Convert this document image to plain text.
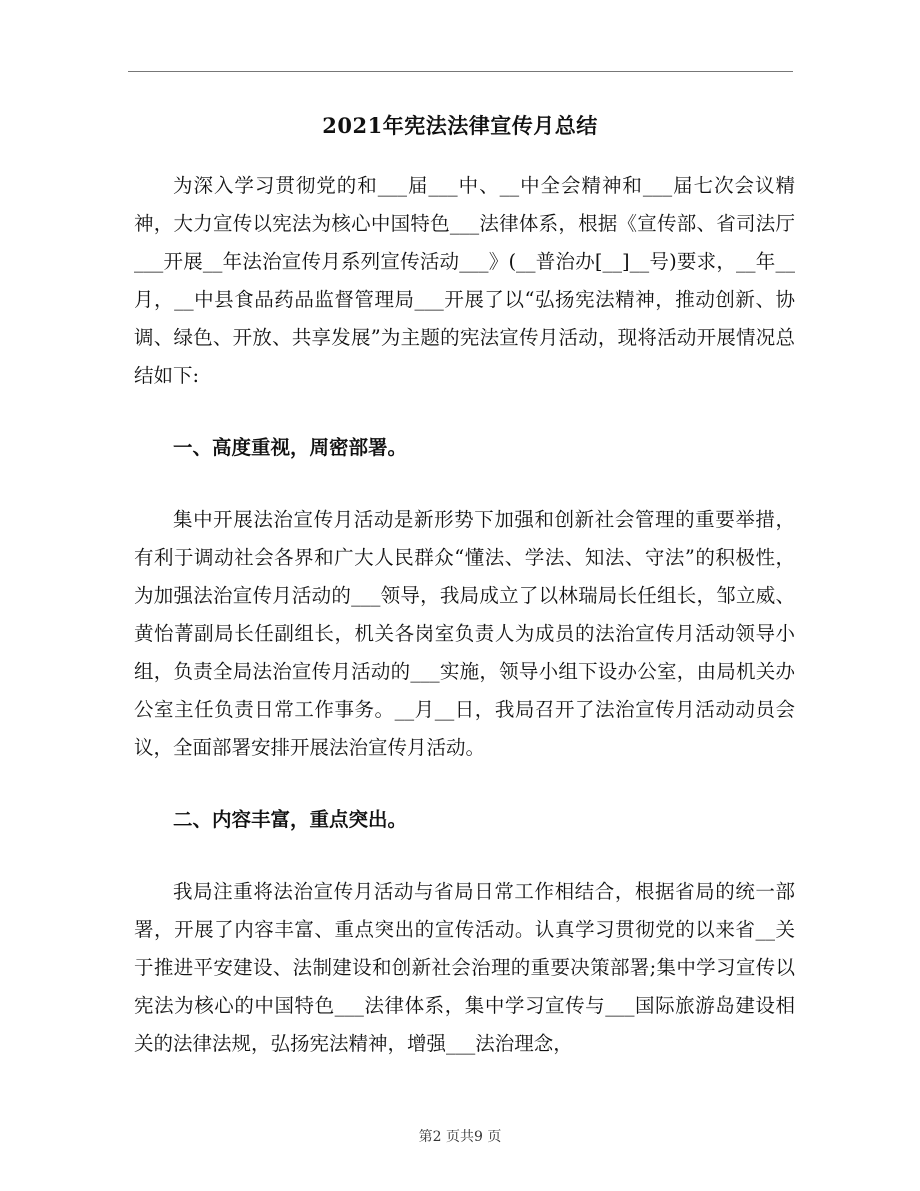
2021年宪法法律宣传月总结

为深入学习贯彻党的和___届___中、__中全会精神和___届七次会议精神，大力宣传以宪法为核心中国特色___法律体系，根据《宣传部、省司法厅___开展__年法治宣传月系列宣传活动___》(__普治办[__]__号)要求，__年__月，__中县食品药品监督管理局___开展了以“弘扬宪法精神，推动创新、协调、绿色、开放、共享发展”为主题的宪法宣传月活动，现将活动开展情况总结如下:

一、高度重视，周密部署。

集中开展法治宣传月活动是新形势下加强和创新社会管理的重要举措，有利于调动社会各界和广大人民群众“懂法、学法、知法、守法”的积极性，为加强法治宣传月活动的___领导，我局成立了以林瑞局长任组长，邹立威、黄怡菁副局长任副组长，机关各岗室负责人为成员的法治宣传月活动领导小组，负责全局法治宣传月活动的___实施，领导小组下设办公室，由局机关办公室主任负责日常工作事务。__月__日，我局召开了法治宣传月活动动员会议，全面部署安排开展法治宣传月活动。

二、内容丰富，重点突出。

我局注重将法治宣传月活动与省局日常工作相结合，根据省局的统一部署，开展了内容丰富、重点突出的宣传活动。认真学习贯彻党的以来省__关于推进平安建设、法制建设和创新社会治理的重要决策部署;集中学习宣传以宪法为核心的中国特色___法律体系，集中学习宣传与___国际旅游岛建设相关的法律法规，弘扬宪法精神，增强___法治理念，

第2 页共9 页
